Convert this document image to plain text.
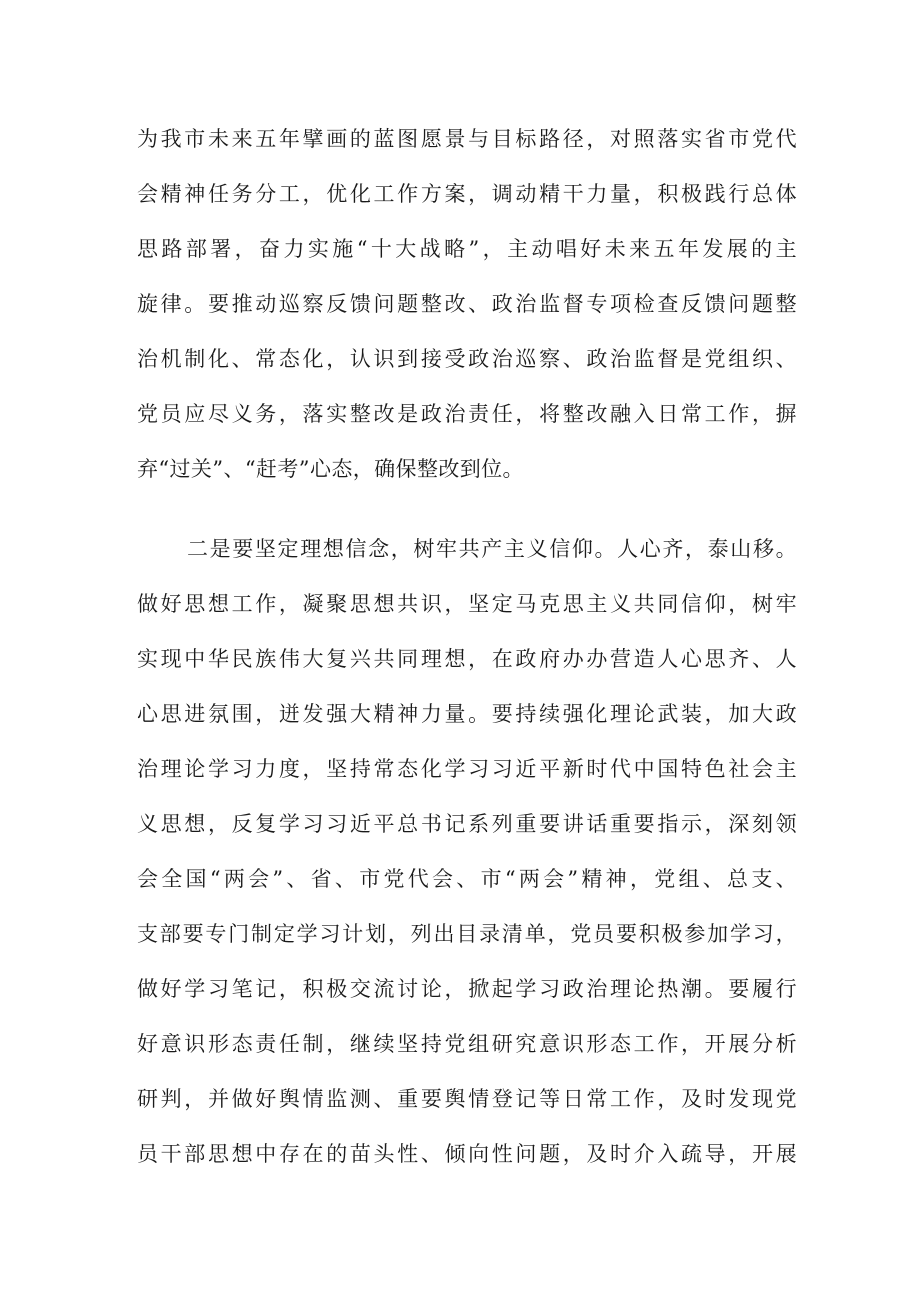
为我市未来五年擘画的蓝图愿景与目标路径，对照落实省市党代
会精神任务分工，优化工作方案，调动精干力量，积极践行总体
思路部署，奋力实施“十大战略”，主动唱好未来五年发展的主
旋律。要推动巡察反馈问题整改、政治监督专项检查反馈问题整
治机制化、常态化，认识到接受政治巡察、政治监督是党组织、
党员应尽义务，落实整改是政治责任，将整改融入日常工作，摒
弃“过关”、“赶考”心态，确保整改到位。
二是要坚定理想信念，树牢共产主义信仰。人心齐，泰山移。
做好思想工作，凝聚思想共识，坚定马克思主义共同信仰，树牢
实现中华民族伟大复兴共同理想，在政府办办营造人心思齐、人
心思进氛围，迸发强大精神力量。要持续强化理论武装，加大政
治理论学习力度，坚持常态化学习习近平新时代中国特色社会主
义思想，反复学习习近平总书记系列重要讲话重要指示，深刻领
会全国“两会”、省、市党代会、市“两会”精神，党组、总支、
支部要专门制定学习计划，列出目录清单，党员要积极参加学习，
做好学习笔记，积极交流讨论，掀起学习政治理论热潮。要履行
好意识形态责任制，继续坚持党组研究意识形态工作，开展分析
研判，并做好舆情监测、重要舆情登记等日常工作，及时发现党
员干部思想中存在的苗头性、倾向性问题，及时介入疏导，开展
